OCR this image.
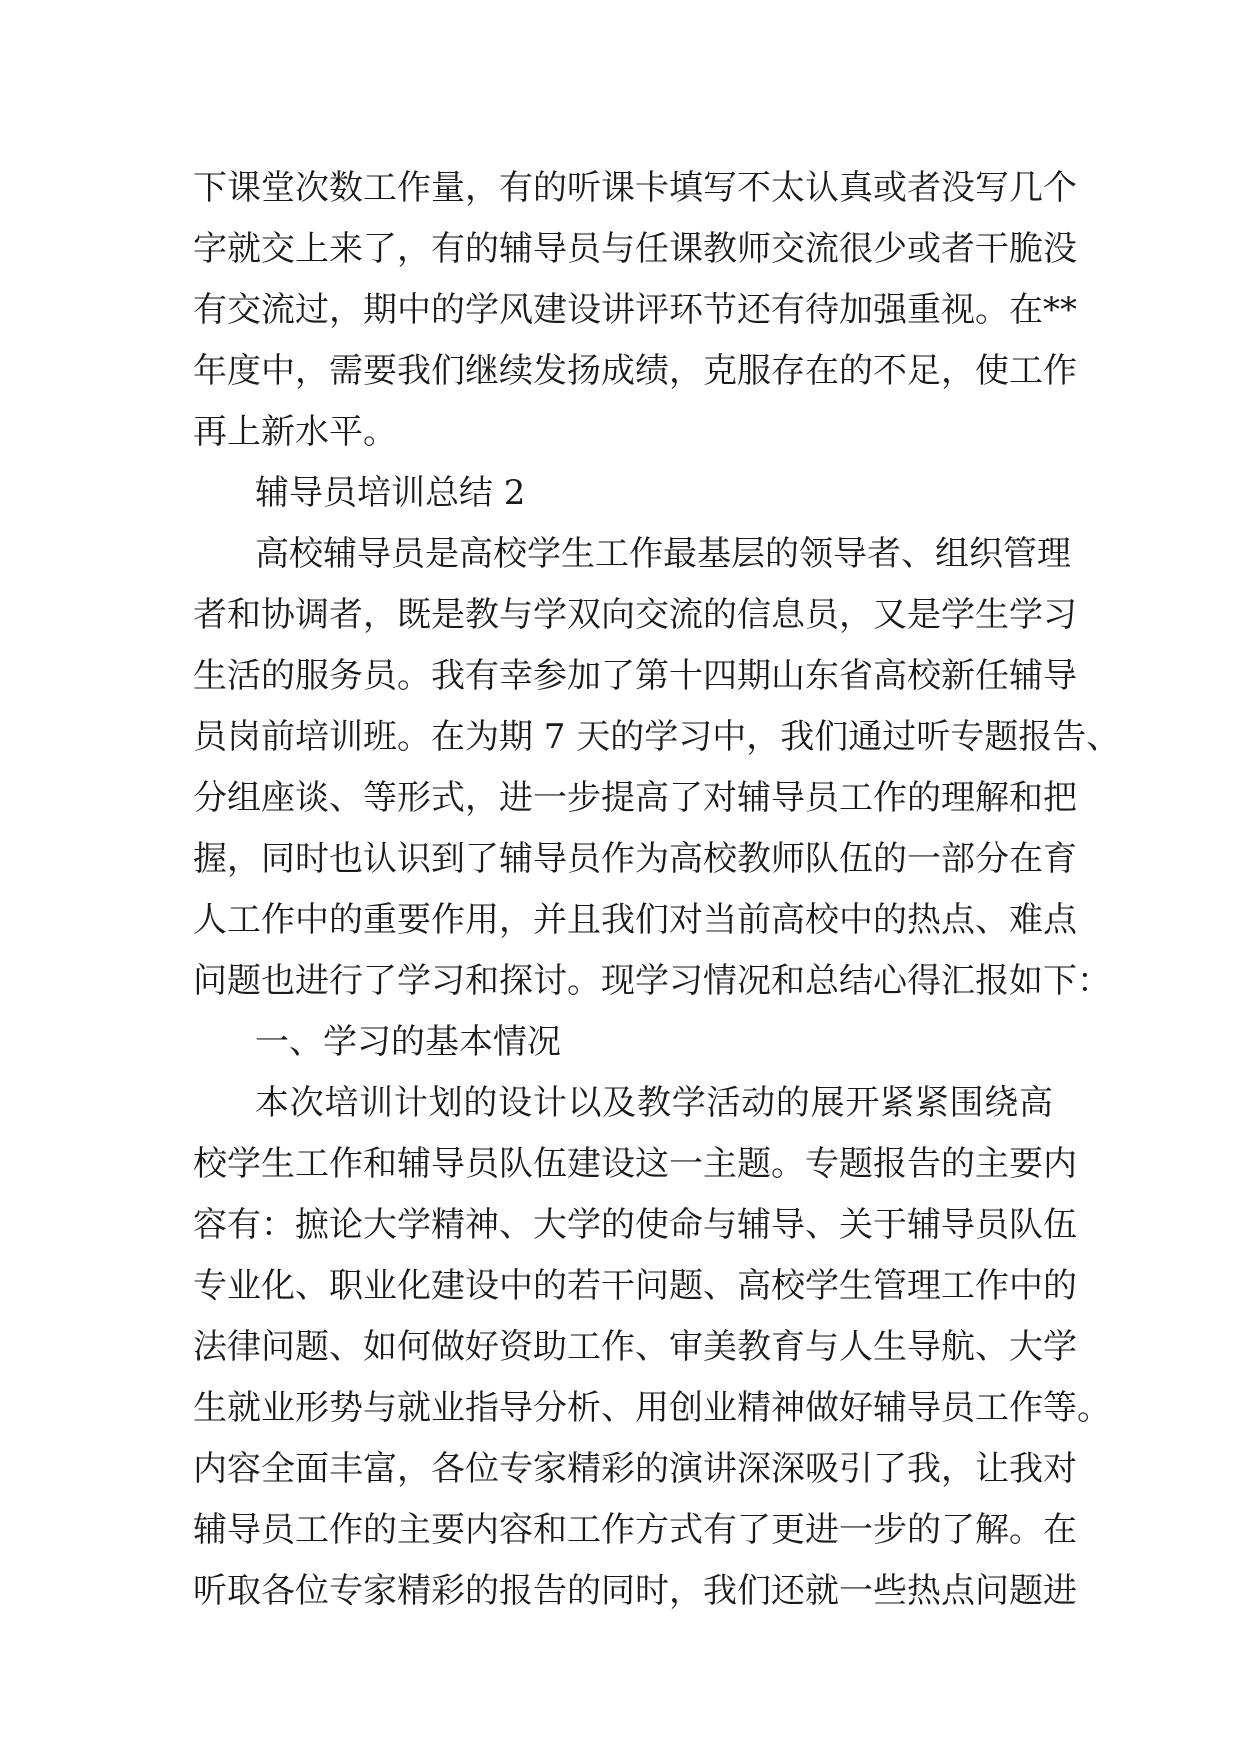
下课堂次数工作量，有的听课卡填写不太认真或者没写几个
字就交上来了，有的辅导员与任课教师交流很少或者干脆没
有交流过，期中的学风建设讲评环节还有待加强重视。在**
年度中，需要我们继续发扬成绩，克服存在的不足，使工作
再上新水平。
辅导员培训总结 2
高校辅导员是高校学生工作最基层的领导者、组织管理
者和协调者，既是教与学双向交流的信息员，又是学生学习
生活的服务员。我有幸参加了第十四期山东省高校新任辅导
员岗前培训班。在为期 7 天的学习中，我们通过听专题报告、
分组座谈、等形式，进一步提高了对辅导员工作的理解和把
握，同时也认识到了辅导员作为高校教师队伍的一部分在育
人工作中的重要作用，并且我们对当前高校中的热点、难点
问题也进行了学习和探讨。现学习情况和总结心得汇报如下：
一、学习的基本情况
本次培训计划的设计以及教学活动的展开紧紧围绕高
校学生工作和辅导员队伍建设这一主题。专题报告的主要内
容有：摭论大学精神、大学的使命与辅导、关于辅导员队伍
专业化、职业化建设中的若干问题、高校学生管理工作中的
法律问题、如何做好资助工作、审美教育与人生导航、大学
生就业形势与就业指导分析、用创业精神做好辅导员工作等。
内容全面丰富，各位专家精彩的演讲深深吸引了我，让我对
辅导员工作的主要内容和工作方式有了更进一步的了解。在
听取各位专家精彩的报告的同时，我们还就一些热点问题进
